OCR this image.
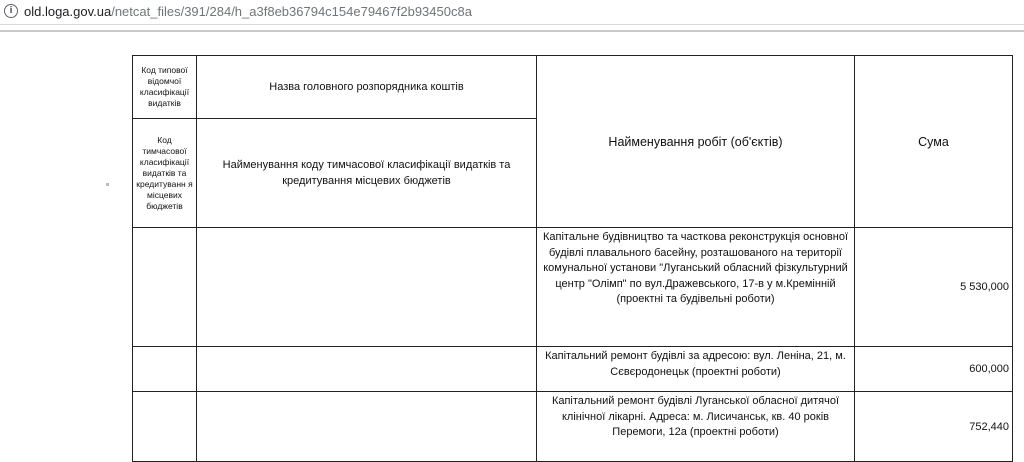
i old.loga.gov.ua/netcat_files/391/284/h_a3f8eb36794c154e79467f2b93450c8a
Код типової відомчої класифікації видатків	Назва головного розпорядника коштів	Найменування робіт (об'єктів)	Сума
Код тимчасової класифікації видатків та кредитуванн я місцевих бюджетів	Найменування коду тимчасової класифікації видатків та кредитування місцевих бюджетів		
		Капітальне будівництво та часткова реконструкція основної будівлі плавального басейну, розташованого на території комунальної установи "Луганський обласний фізкультурний центр "Олімп" по вул.Дражевського, 17-в у м.Кремінній (проектні та будівельні роботи)	5 530,000
		Капітальний ремонт будівлі за адресою: вул. Леніна, 21, м. Сєвєродонецьк (проектні роботи)	600,000
		Капітальний ремонт будівлі Луганської обласної дитячої клінічної лікарні. Адреса: м. Лисичанськ, кв. 40 років Перемоги, 12а (проектні роботи)	752,440
